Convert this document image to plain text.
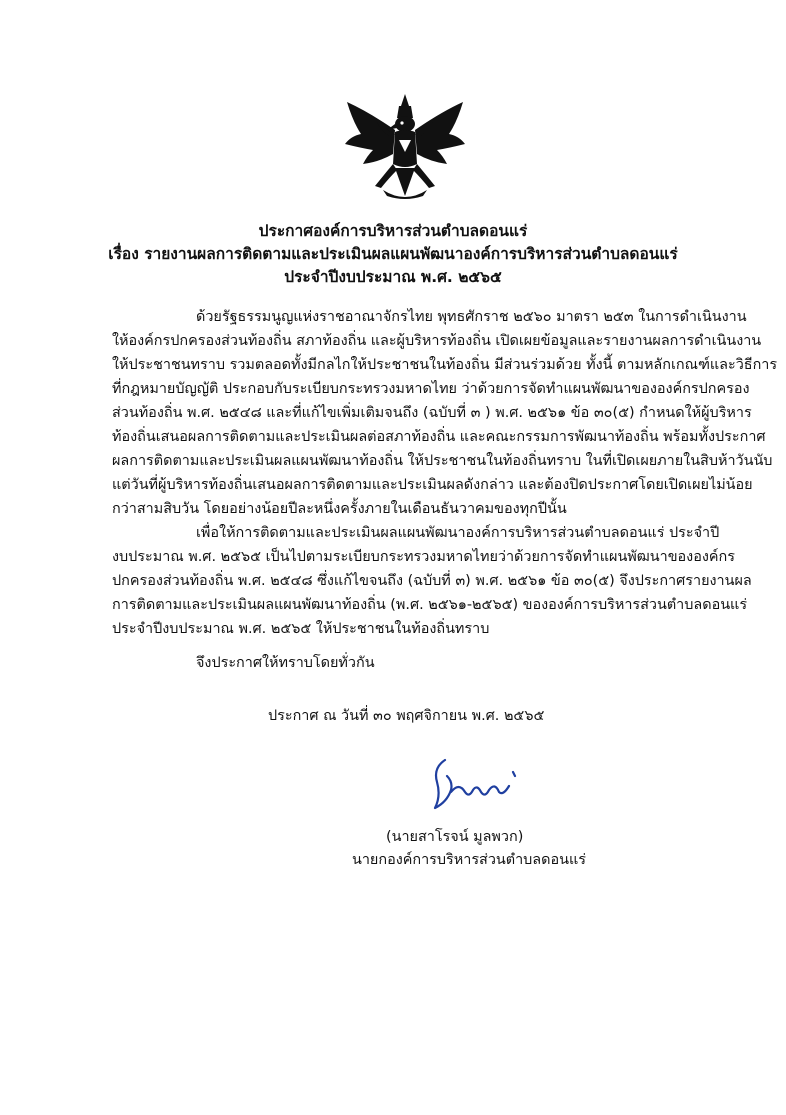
ประกาศองค์การบริหารส่วนตำบลดอนแร่
เรื่อง รายงานผลการติดตามและประเมินผลแผนพัฒนาองค์การบริหารส่วนตำบลดอนแร่
ประจำปีงบประมาณ พ.ศ. ๒๕๖๕
ด้วยรัฐธรรมนูญแห่งราชอาณาจักรไทย พุทธศักราช ๒๕๖๐ มาตรา ๒๕๓ ในการดำเนินงาน
ให้องค์กรปกครองส่วนท้องถิ่น สภาท้องถิ่น และผู้บริหารท้องถิ่น เปิดเผยข้อมูลและรายงานผลการดำเนินงาน
ให้ประชาชนทราบ รวมตลอดทั้งมีกลไกให้ประชาชนในท้องถิ่น มีส่วนร่วมด้วย ทั้งนี้ ตามหลักเกณฑ์และวิธีการ
ที่กฎหมายบัญญัติ ประกอบกับระเบียบกระทรวงมหาดไทย ว่าด้วยการจัดทำแผนพัฒนาขององค์กรปกครอง
ส่วนท้องถิ่น พ.ศ. ๒๕๔๘ และที่แก้ไขเพิ่มเติมจนถึง (ฉบับที่ ๓ ) พ.ศ. ๒๕๖๑ ข้อ ๓๐(๕) กำหนดให้ผู้บริหาร
ท้องถิ่นเสนอผลการติดตามและประเมินผลต่อสภาท้องถิ่น และคณะกรรมการพัฒนาท้องถิ่น พร้อมทั้งประกาศ
ผลการติดตามและประเมินผลแผนพัฒนาท้องถิ่น ให้ประชาชนในท้องถิ่นทราบ ในที่เปิดเผยภายในสิบห้าวันนับ
แต่วันที่ผู้บริหารท้องถิ่นเสนอผลการติดตามและประเมินผลดังกล่าว และต้องปิดประกาศโดยเปิดเผยไม่น้อย
กว่าสามสิบวัน โดยอย่างน้อยปีละหนึ่งครั้งภายในเดือนธันวาคมของทุกปีนั้น
เพื่อให้การติดตามและประเมินผลแผนพัฒนาองค์การบริหารส่วนตำบลดอนแร่ ประจำปี
งบประมาณ พ.ศ. ๒๕๖๕ เป็นไปตามระเบียบกระทรวงมหาดไทยว่าด้วยการจัดทำแผนพัฒนาขององค์กร
ปกครองส่วนท้องถิ่น พ.ศ. ๒๕๔๘ ซึ่งแก้ไขจนถึง (ฉบับที่ ๓) พ.ศ. ๒๕๖๑ ข้อ ๓๐(๕) จึงประกาศรายงานผล
การติดตามและประเมินผลแผนพัฒนาท้องถิ่น (พ.ศ. ๒๕๖๑-๒๕๖๕) ขององค์การบริหารส่วนตำบลดอนแร่
ประจำปีงบประมาณ พ.ศ. ๒๕๖๕ ให้ประชาชนในท้องถิ่นทราบ
จึงประกาศให้ทราบโดยทั่วกัน
ประกาศ ณ วันที่ ๓๐ พฤศจิกายน พ.ศ. ๒๕๖๕
(นายสาโรจน์ มูลพวก)
นายกองค์การบริหารส่วนตำบลดอนแร่
